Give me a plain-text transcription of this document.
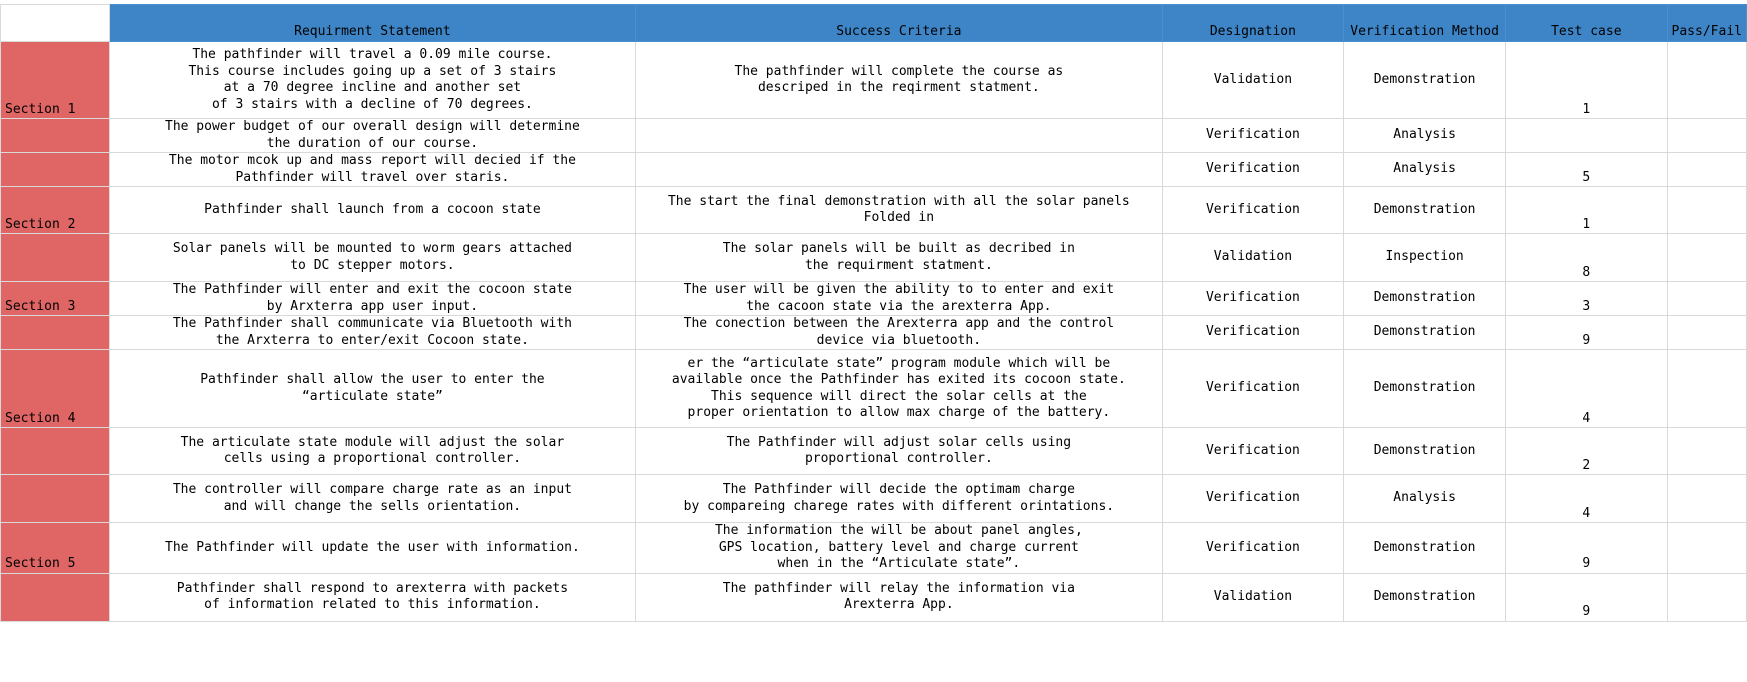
	Requirment Statement	Success Criteria	Designation	Verification Method	Test case	Pass/Fail
Section 1	The pathfinder will travel a 0.09 mile course.
This course includes going up a set of 3 stairs
at a 70 degree incline and another set
of 3 stairs with a decline of 70 degrees.	The pathfinder will complete the course as
descriped in the reqirment statment.	Validation	Demonstration	1	

	The power budget of our overall design will determine
the duration of our course.		Verification	Analysis		

	The motor mcok up and mass report will decied if the
Pathfinder will travel over staris.		Verification	Analysis	5	
Section 2	Pathfinder shall launch from a cocoon state	The start the final demonstration with all the solar panels
Folded in	Verification	Demonstration	1	

	Solar panels will be mounted to worm gears attached
to DC stepper motors.	The solar panels will be built as decribed in
the requirment statment.	Validation	Inspection	8	
Section 3	The Pathfinder will enter and exit the cocoon state
by Arxterra app user input.	The user will be given the ability to to enter and exit
the cacoon state via the arexterra App.	Verification	Demonstration	3	

	The Pathfinder shall communicate via Bluetooth with
the Arxterra to enter/exit Cocoon state.	The conection between the Arexterra app and the control
device via bluetooth.	Verification	Demonstration	9	
Section 4	Pathfinder shall allow the user to enter the
“articulate state”	er the “articulate state” program module which will be
available once the Pathfinder has exited its cocoon state.
This sequence will direct the solar cells at the
proper orientation to allow max charge of the battery.	Verification	Demonstration	4	

	The articulate state module will adjust the solar
cells using a proportional controller.	The Pathfinder will adjust solar cells using
proportional controller.	Verification	Demonstration	2	

	The controller will compare charge rate as an input
and will change the sells orientation.	The Pathfinder will decide the optimam charge
by compareing charege rates with different orintations.	Verification	Analysis	4	
Section 5	The Pathfinder will update the user with information.	The information the will be about panel angles,
GPS location, battery level and charge current
when in the “Articulate state”.	Verification	Demonstration	9	

	Pathfinder shall respond to arexterra with packets
of information related to this information.	The pathfinder will relay the information via
Arexterra App.	Validation	Demonstration	9	
